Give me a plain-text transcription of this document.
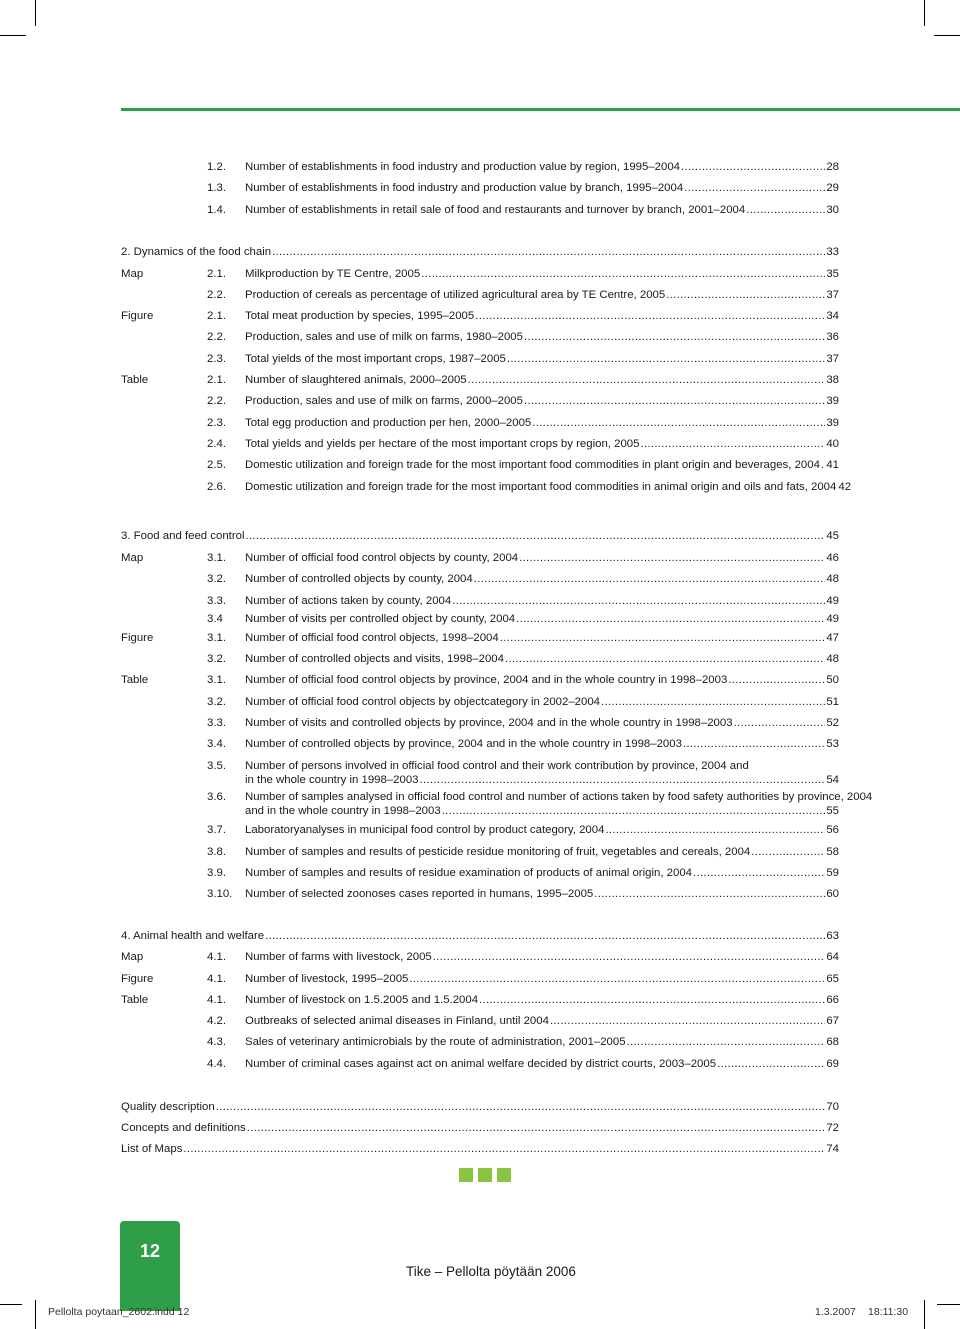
1.2. Number of establishments in food industry and production value by region, 1995–2004 .....	28
1.3. Number of establishments in food industry and production value by branch, 1995–2004 .....	29
1.4. Number of establishments in retail sale of food and restaurants and turnover by branch, 2001–2004 .....	30
2. Dynamics of the food chain .....	33
Map	2.1. Milkproduction by TE Centre, 2005 .....	35
2.2. Production of cereals as percentage of utilized agricultural area by TE Centre, 2005 .....	37
Figure	2.1. Total meat production by species, 1995–2005 .....	34
2.2. Production, sales and use of milk on farms, 1980–2005 .....	36
2.3. Total yields of the most important crops, 1987–2005 .....	37
Table	2.1. Number of slaughtered animals, 2000–2005 .....	38
2.2. Production, sales and use of milk on farms, 2000–2005 .....	39
2.3. Total egg production and production per hen, 2000–2005 .....	39
2.4. Total yields and yields per hectare of the most important crops by region, 2005 .....	40
2.5. Domestic utilization and foreign trade for the most important food commodities in plant origin and beverages, 2004 ..... 41
2.6. Domestic utilization and foreign trade for the most important food commodities in animal origin and oils and fats, 2004 42
3. Food and feed control .....	45
Map	3.1. Number of official food control objects by county, 2004 .....	46
3.2. Number of controlled objects by county, 2004 .....	48
3.3. Number of actions taken by county, 2004 .....	49
3.4 Number of visits per controlled object by county, 2004 .....	49
Figure	3.1. Number of official food control objects, 1998–2004 .....	47
3.2. Number of controlled objects and visits, 1998–2004 .....	48
Table	3.1. Number of official food control objects by province, 2004 and in the whole country in 1998–2003 .....	50
3.2. Number of official food control objects by objectcategory in 2002–2004 .....	51
3.3. Number of visits and controlled objects by province, 2004 and in the whole country in 1998–2003 .....	52
3.4. Number of controlled objects by province, 2004 and in the whole country in 1998–2003 .....	53
3.5. Number of persons involved in official food control and their work contribution by province, 2004 and
in the whole country in 1998–2003 .....	54
3.6. Number of samples analysed in official food control and number of actions taken by food safety authorities by province, 2004
and in the whole country in 1998–2003 .....	55
3.7. Laboratoryanalyses in municipal food control by product category, 2004 .....	56
3.8. Number of samples and results of pesticide residue monitoring of fruit, vegetables and cereals, 2004 .....	58
3.9. Number of samples and results of residue examination of products of animal origin, 2004 .....	59
3.10. Number of selected zoonoses cases reported in humans, 1995–2005 .....	60
4. Animal health and welfare .....	63
Map	4.1. Number of farms with livestock, 2005 .....	64
Figure	4.1. Number of livestock, 1995–2005 .....	65
Table	4.1. Number of livestock on 1.5.2005 and 1.5.2004 .....	66
4.2. Outbreaks of selected animal diseases in Finland, until 2004 .....	67
4.3. Sales of veterinary antimicrobials by the route of administration, 2001–2005 .....	68
4.4. Number of criminal cases against act on animal welfare decided by district courts, 2003–2005 .....	69
Quality description .....	70
Concepts and definitions .....	72
List of Maps .....	74
12
Tike – Pellolta pöytään 2006
Pellolta poytaan_2602.indd 12	1.3.2007 18:11:30
